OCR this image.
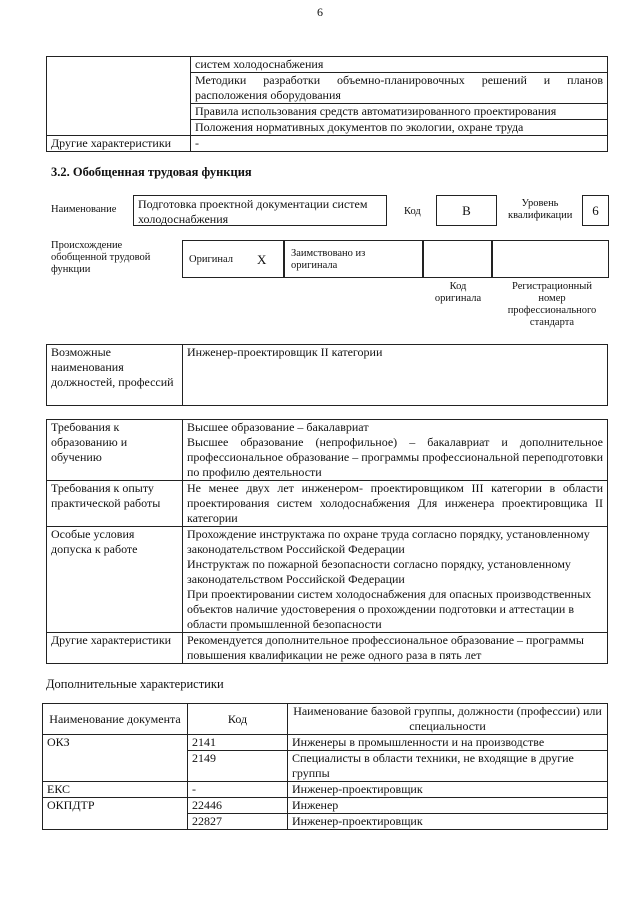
6
	систем холодоснабжения
	Методики разработки объемно-планировочных решений и планов расположения оборудования
	Правила использования средств автоматизированного проектирования
	Положения нормативных документов по экологии, охране труда
Другие характеристики	-
3.2. Обобщенная трудовая функция
Наименование	Подготовка проектной документации систем холодоснабжения
Код	B	Уровень квалификации	6
Происхождение обобщенной трудовой функции
Оригинал X Заимствовано из оригинала
Код оригинала
Регистрационный номер профессионального стандарта
Возможные наименования должностей, профессий	Инженер-проектировщик II категории
Требования к образованию и обучению	Высшее образование – бакалавриат
Высшее образование (непрофильное) – бакалавриат и дополнительное профессиональное образование – программы профессиональной переподготовки по профилю деятельности

Требования к опыту практической работы	Не менее двух лет инженером- проектировщиком III категории в области проектирования систем холодоснабжения Для инженера проектировщика II категории

Особые условия допуска к работе	Прохождение инструктажа по охране труда согласно порядку, установленному законодательством Российской Федерации
Инструктаж по пожарной безопасности согласно порядку, установленному законодательством Российской Федерации
При проектировании систем холодоснабжения для опасных производственных объектов наличие удостоверения о прохождении подготовки и аттестации в области промышленной безопасности

Другие характеристики	Рекомендуется дополнительное профессиональное образование – программы повышения квалификации не реже одного раза в пять лет
Дополнительные характеристики
Наименование документа	Код	Наименование базовой группы, должности (профессии) или специальности
ОКЗ	2141	Инженеры в промышленности и на производстве
	2149	Специалисты в области техники, не входящие в другие группы
ЕКС	-	Инженер-проектировщик
ОКПДТР	22446	Инженер
	22827	Инженер-проектировщик
